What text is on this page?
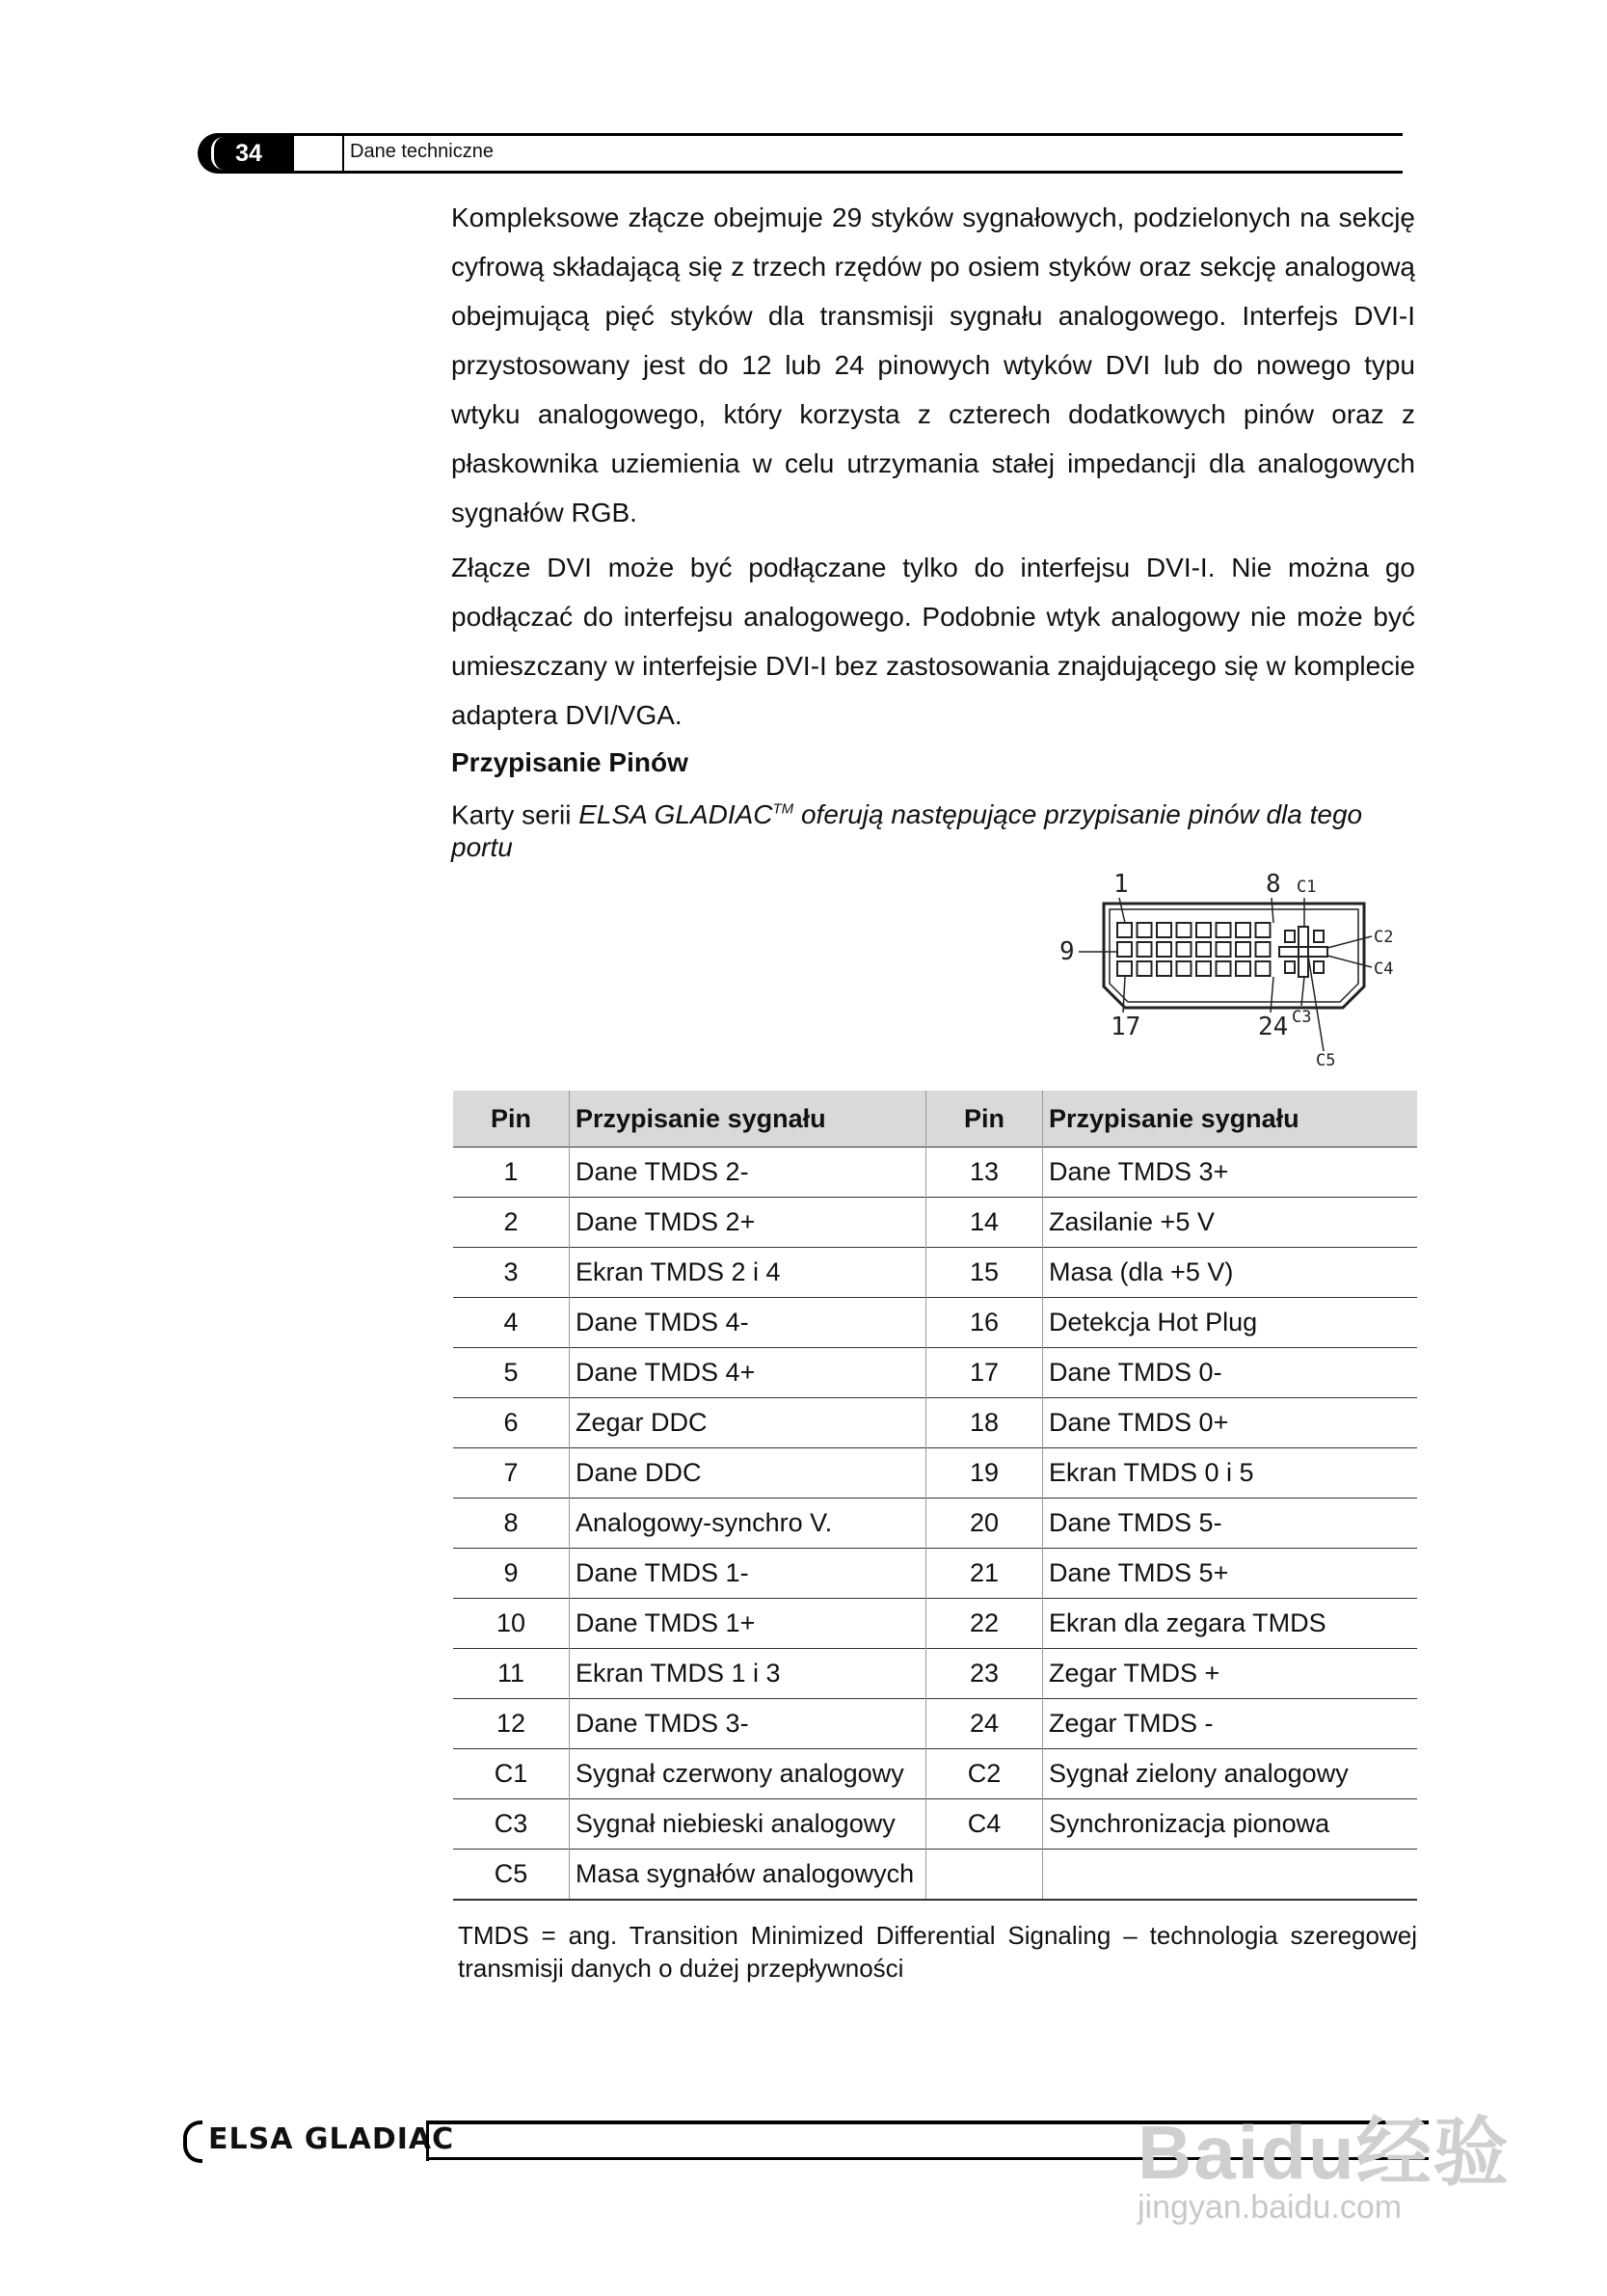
34	Dane techniczne

Kompleksowe złącze obejmuje 29 styków sygnałowych, podzielonych na sekcję cyfrową składającą się z trzech rzędów po osiem styków oraz sekcję analogową obejmującą pięć styków dla transmisji sygnału analogowego. Interfejs DVI-I przystosowany jest do 12 lub 24 pinowych wtyków DVI lub do nowego typu wtyku analogowego, który korzysta z czterech dodatkowych pinów oraz z płaskownika uziemienia w celu utrzymania stałej impedancji dla analogowych sygnałów RGB.

Złącze DVI może być podłączane tylko do interfejsu DVI-I. Nie można go podłączać do interfejsu analogowego. Podobnie wtyk analogowy nie może być umieszczany w interfejsie DVI-I bez zastosowania znajdującego się w komplecie adaptera DVI/VGA.

Przypisanie Pinów

Karty serii ELSA GLADIAC™ oferują następujące przypisanie pinów dla tego portu

1	8
9
17	24
C1
C2
C4
C3
C5
Pin	Przypisanie sygnału	Pin	Przypisanie sygnału
1	Dane TMDS 2-	13	Dane TMDS 3+
2	Dane TMDS 2+	14	Zasilanie +5 V
3	Ekran TMDS 2 i 4	15	Masa (dla +5 V)
4	Dane TMDS 4-	16	Detekcja Hot Plug
5	Dane TMDS 4+	17	Dane TMDS 0-
6	Zegar DDC	18	Dane TMDS 0+
7	Dane DDC	19	Ekran TMDS 0 i 5
8	Analogowy-synchro V.	20	Dane TMDS 5-
9	Dane TMDS 1-	21	Dane TMDS 5+
10	Dane TMDS 1+	22	Ekran dla zegara TMDS
11	Ekran TMDS 1 i 3	23	Zegar TMDS +
12	Dane TMDS 3-	24	Zegar TMDS -
C1	Sygnał czerwony analogowy	C2	Sygnał zielony analogowy
C3	Sygnał niebieski analogowy	C4	Synchronizacja pionowa
C5	Masa sygnałów analogowych		
TMDS = ang. Transition Minimized Differential Signaling – technologia szeregowej transmisji danych o dużej przepływności
ELSA GLADIAC	Baidu经验
jingyan.baidu.com
